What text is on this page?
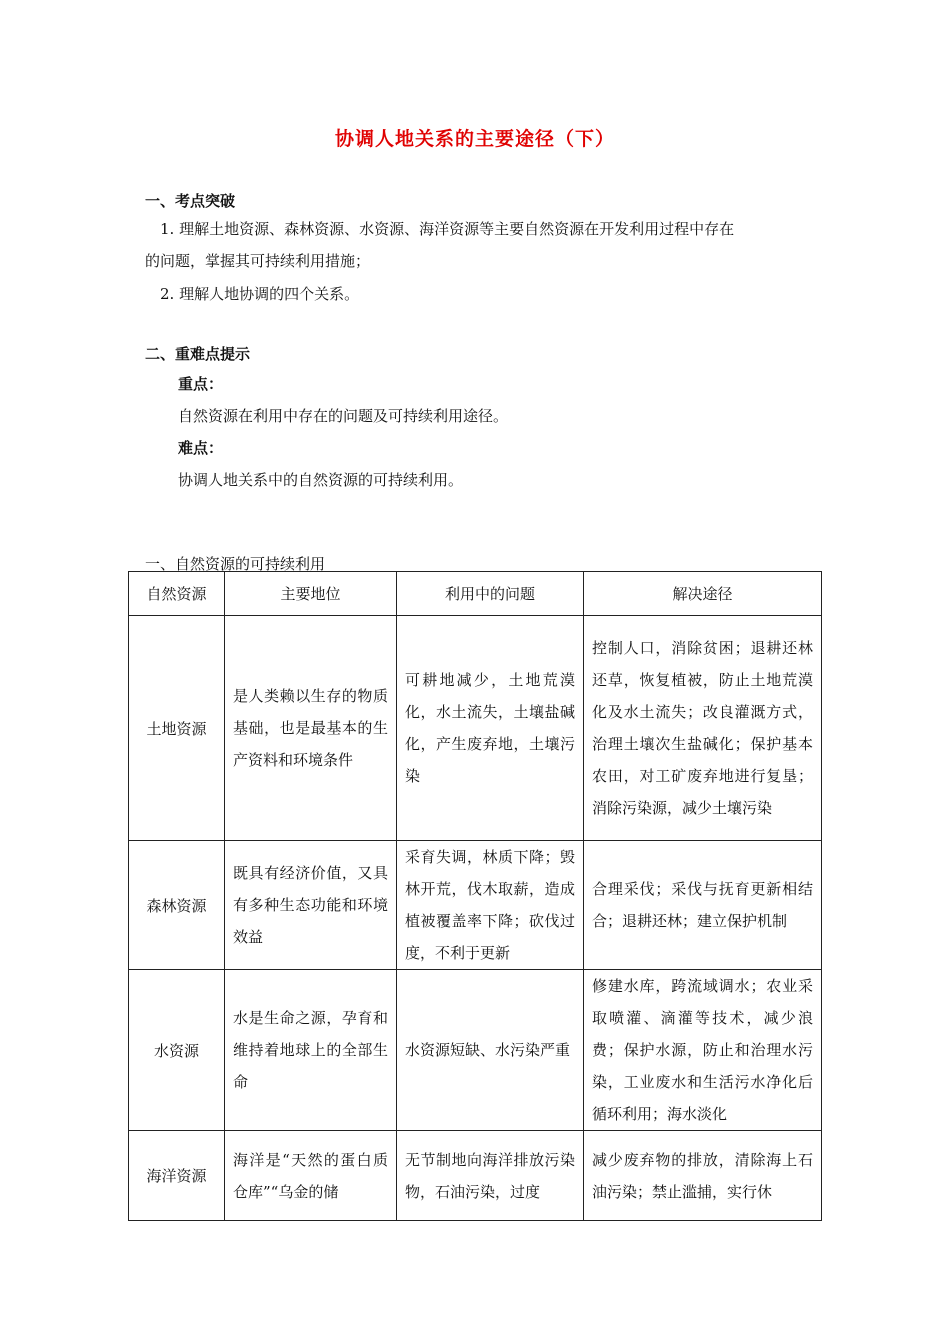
协调人地关系的主要途径（下）
一、考点突破
1. 理解土地资源、森林资源、水资源、海洋资源等主要自然资源在开发利用过程中存在
的问题，掌握其可持续利用措施；
2. 理解人地协调的四个关系。
二、重难点提示
重点：
自然资源在利用中存在的问题及可持续利用途径。
难点：
协调人地关系中的自然资源的可持续利用。
一、自然资源的可持续利用
自然资源	主要地位	利用中的问题	解决途径
土地资源	是人类赖以生存的物质基础，也是最基本的生产资料和环境条件	可耕地减少，土地荒漠化，水土流失，土壤盐碱化，产生废弃地，土壤污染	控制人口，消除贫困；退耕还林还草，恢复植被，防止土地荒漠化及水土流失；改良灌溉方式，治理土壤次生盐碱化；保护基本农田，对工矿废弃地进行复垦；消除污染源，减少土壤污染

森林资源	既具有经济价值，又具有多种生态功能和环境效益	采育失调，林质下降；毁林开荒，伐木取薪，造成植被覆盖率下降；砍伐过度，不利于更新	合理采伐；采伐与抚育更新相结合；退耕还林；建立保护机制

水资源	水是生命之源，孕育和维持着地球上的全部生命	水资源短缺、水污染严重	修建水库，跨流域调水；农业采取喷灌、滴灌等技术，减少浪费；保护水源，防止和治理水污染，工业废水和生活污水净化后循环利用；海水淡化

海洋资源	海洋是“天然的蛋白质仓库”“乌金的储	无节制地向海洋排放污染物，石油污染，过度	减少废弃物的排放，清除海上石油污染；禁止滥捕，实行休
